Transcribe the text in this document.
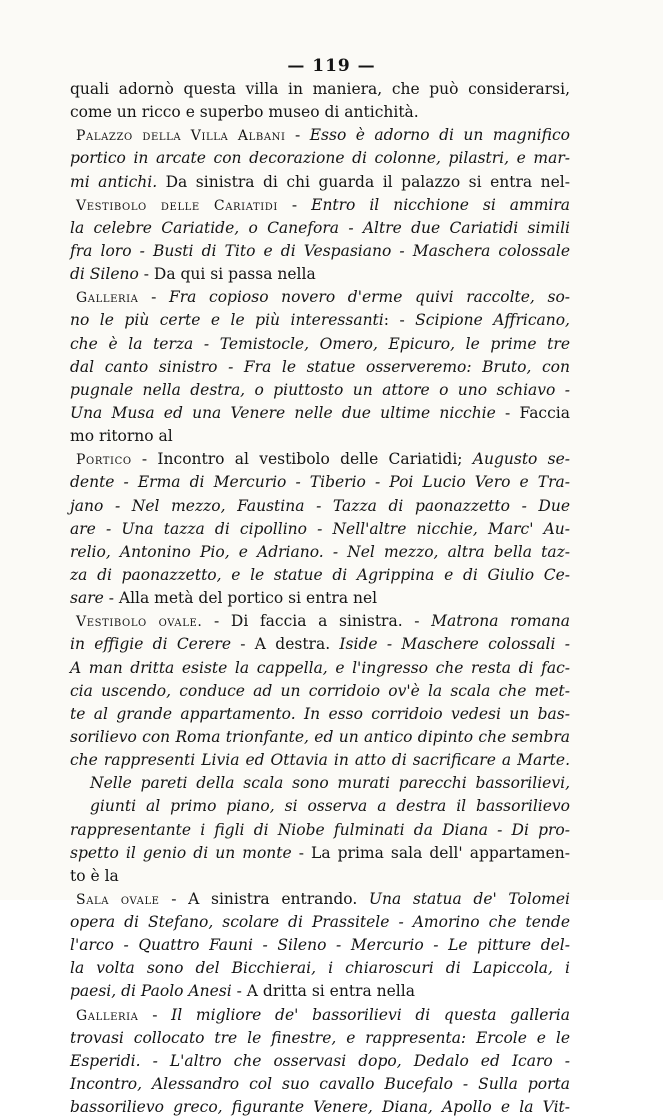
— 119 —
quali adornò questa villa in maniera, che può considerarsi,
come un ricco e superbo museo di antichità.
Palazzo della Villa Albani - Esso è adorno di un magnifico
portico in arcate con decorazione di colonne, pilastri, e mar-
mi antichi. Da sinistra di chi guarda il palazzo si entra nel-
Vestibolo delle Cariatidi - Entro il nicchione si ammira
la celebre Cariatide, o Canefora - Altre due Cariatidi simili
fra loro - Busti di Tito e di Vespasiano - Maschera colossale
di Sileno - Da qui si passa nella
Galleria - Fra copioso novero d'erme quivi raccolte, so-
no le più certe e le più interessanti: - Scipione Affricano,
che è la terza - Temistocle, Omero, Epicuro, le prime tre
dal canto sinistro - Fra le statue osserveremo: Bruto, con
pugnale nella destra, o piuttosto un attore o uno schiavo -
Una Musa ed una Venere nelle due ultime nicchie - Faccia
mo ritorno al
Portico - Incontro al vestibolo delle Cariatidi; Augusto se-
dente - Erma di Mercurio - Tiberio - Poi Lucio Vero e Tra-
jano - Nel mezzo, Faustina - Tazza di paonazzetto - Due
are - Una tazza di cipollino - Nell'altre nicchie, Marc' Au-
relio, Antonino Pio, e Adriano. - Nel mezzo, altra bella taz-
za di paonazzetto, e le statue di Agrippina e di Giulio Ce-
sare - Alla metà del portico si entra nel
Vestibolo ovale. - Di faccia a sinistra. - Matrona romana
in effigie di Cerere - A destra. Iside - Maschere colossali -
A man dritta esiste la cappella, e l'ingresso che resta di fac-
cia uscendo, conduce ad un corridoio ov'è la scala che met-
te al grande appartamento. In esso corridoio vedesi un bas-
sorilievo con Roma trionfante, ed un antico dipinto che sembra
che rappresenti Livia ed Ottavia in atto di sacrificare a Marte.
Nelle pareti della scala sono murati parecchi bassorilievi,
giunti al primo piano, si osserva a destra il bassorilievo
rappresentante i figli di Niobe fulminati da Diana - Di pro-
spetto il genio di un monte - La prima sala dell' appartamen-
to è la
Sala ovale - A sinistra entrando. Una statua de' Tolomei
opera di Stefano, scolare di Prassitele - Amorino che tende
l'arco - Quattro Fauni - Sileno - Mercurio - Le pitture del-
la volta sono del Bicchierai, i chiaroscuri di Lapiccola, i
paesi, di Paolo Anesi - A dritta si entra nella
Galleria - Il migliore de' bassorilievi di questa galleria
trovasi collocato tre le finestre, e rappresenta: Ercole e le
Esperidi. - L'altro che osservasi dopo, Dedalo ed Icaro -
Incontro, Alessandro col suo cavallo Bucefalo - Sulla porta
bassorilievo greco, figurante Venere, Diana, Apollo e la Vit-
